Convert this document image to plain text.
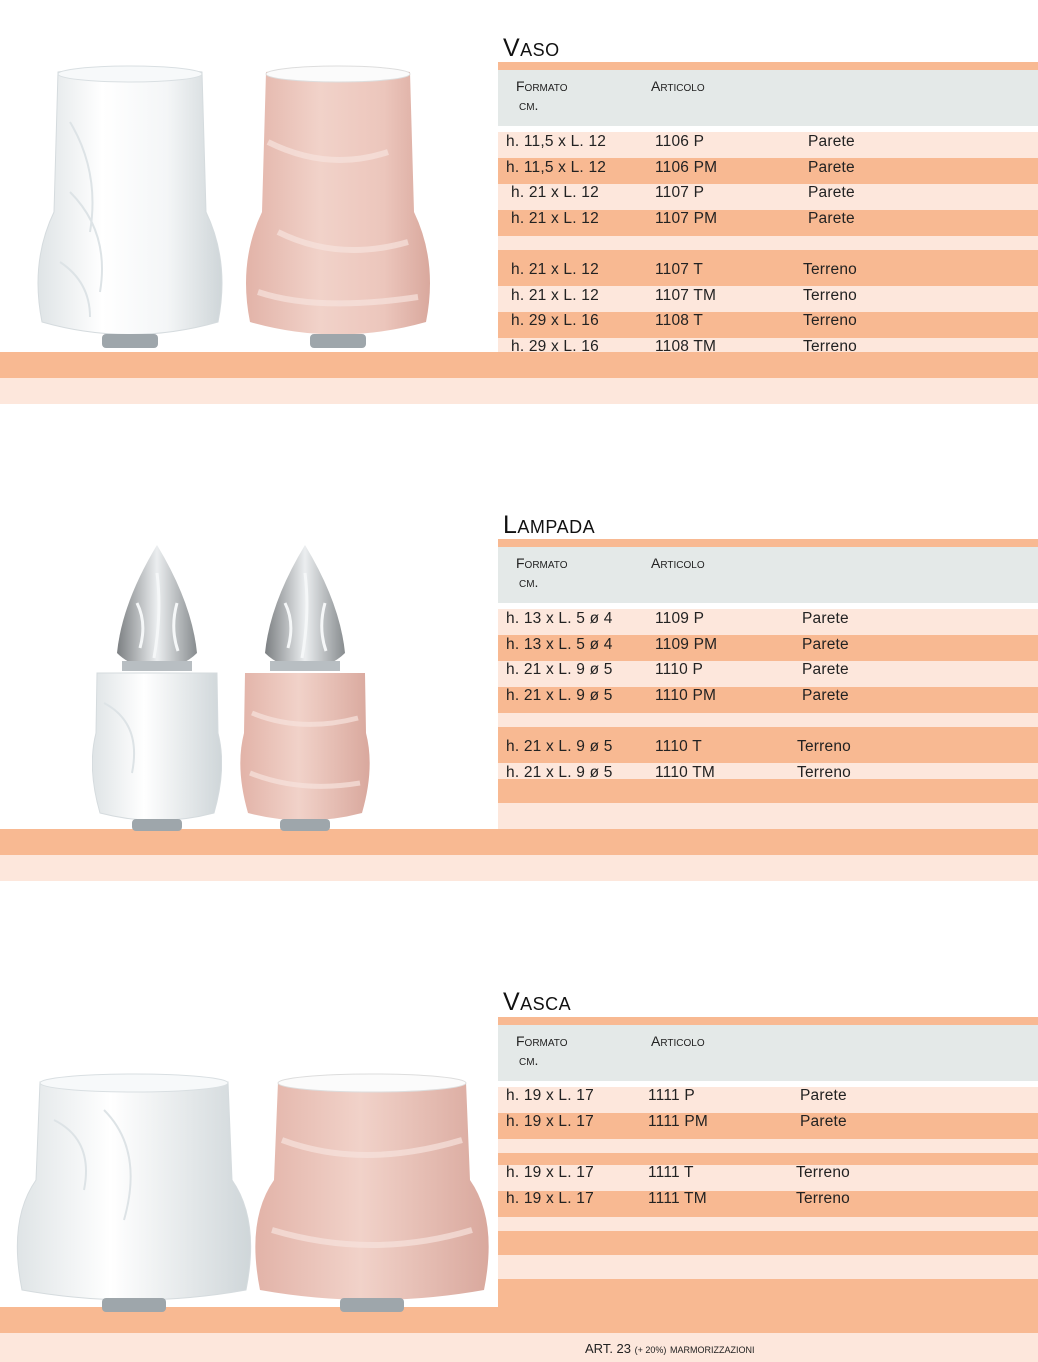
Vaso
Formato
cm.
Articolo
h. 11,5 x L. 12	1106 P	Parete
h. 11,5 x L. 12	1106 PM	Parete
h. 21 x L. 12	1107 P	Parete
h. 21 x L. 12	1107 PM	Parete
h. 21 x L. 12	1107 T	Terreno
h. 21 x L. 12	1107 TM	Terreno
h. 29 x L. 16	1108 T	Terreno
h. 29 x L. 16	1108 TM	Terreno
Lampada
Formato
cm.
Articolo
h. 13 x L. 5 ø 4	1109 P	Parete
h. 13 x L. 5 ø 4	1109 PM	Parete
h. 21 x L. 9 ø 5	1110 P	Parete
h. 21 x L. 9 ø 5	1110 PM	Parete
h. 21 x L. 9 ø 5	1110 T	Terreno
h. 21 x L. 9 ø 5	1110 TM	Terreno
Vasca
Formato
cm.
Articolo
h. 19 x L. 17	1111 P	Parete
h. 19 x L. 17	1111 PM	Parete
h. 19 x L. 17	1111 T	Terreno
h. 19 x L. 17	1111 TM	Terreno
ART. 23 (+ 20%) MARMORIZZAZIONI
